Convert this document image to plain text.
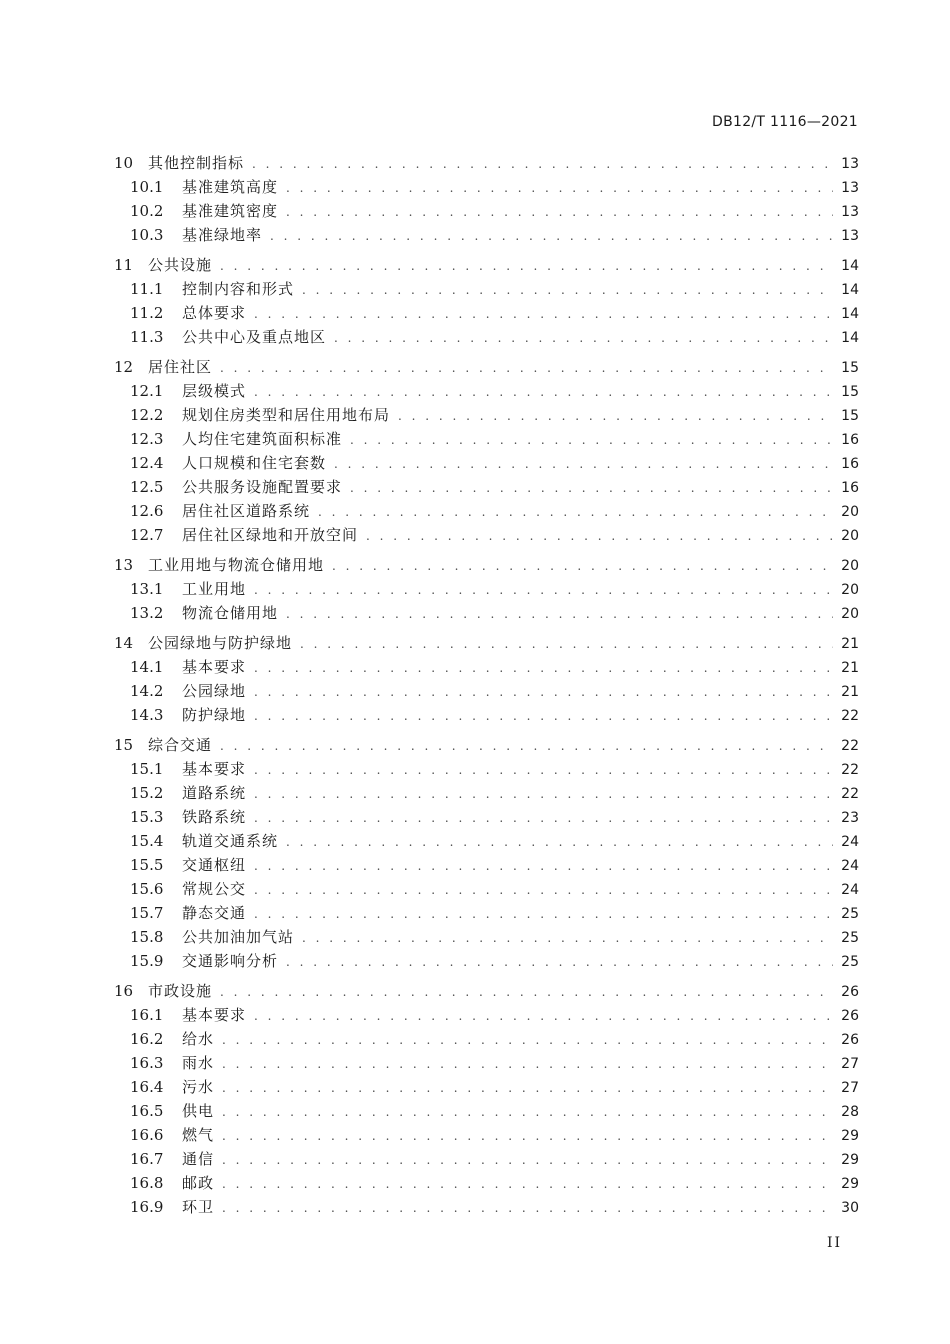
DB12/T 1116—2021
10 其他控制指标 . . .	13
10.1	基准建筑高度 . . .	13
10.2	基准建筑密度 . . .	13
10.3	基准绿地率 . . .	13
11 公共设施 . . .	14
11.1	控制内容和形式 . . .	14
11.2	总体要求 . . .	14
11.3	公共中心及重点地区 . . .	14
12 居住社区 . . .	15
12.1	层级模式 . . .	15
12.2	规划住房类型和居住用地布局 . . .	15
12.3	人均住宅建筑面积标准 . . .	16
12.4	人口规模和住宅套数 . . .	16
12.5	公共服务设施配置要求 . . .	16
12.6	居住社区道路系统 . . .	20
12.7	居住社区绿地和开放空间 . . .	20
13 工业用地与物流仓储用地 . . .	20
13.1	工业用地 . . .	20
13.2	物流仓储用地 . . .	20
14 公园绿地与防护绿地 . . .	21
14.1	基本要求 . . .	21
14.2	公园绿地 . . .	21
14.3	防护绿地 . . .	22
15 综合交通 . . .	22
15.1	基本要求 . . .	22
15.2	道路系统 . . .	22
15.3	铁路系统 . . .	23
15.4	轨道交通系统 . . .	24
15.5	交通枢纽 . . .	24
15.6	常规公交 . . .	24
15.7	静态交通 . . .	25
15.8	公共加油加气站 . . .	25
15.9	交通影响分析 . . .	25
16 市政设施 . . .	26
16.1	基本要求 . . .	26
16.2	给水 . . .	26
16.3	雨水 . . .	27
16.4	污水 . . .	27
16.5	供电 . . .	28
16.6	燃气 . . .	29
16.7	通信 . . .	29
16.8	邮政 . . .	29
16.9	环卫 . . .	30
II
